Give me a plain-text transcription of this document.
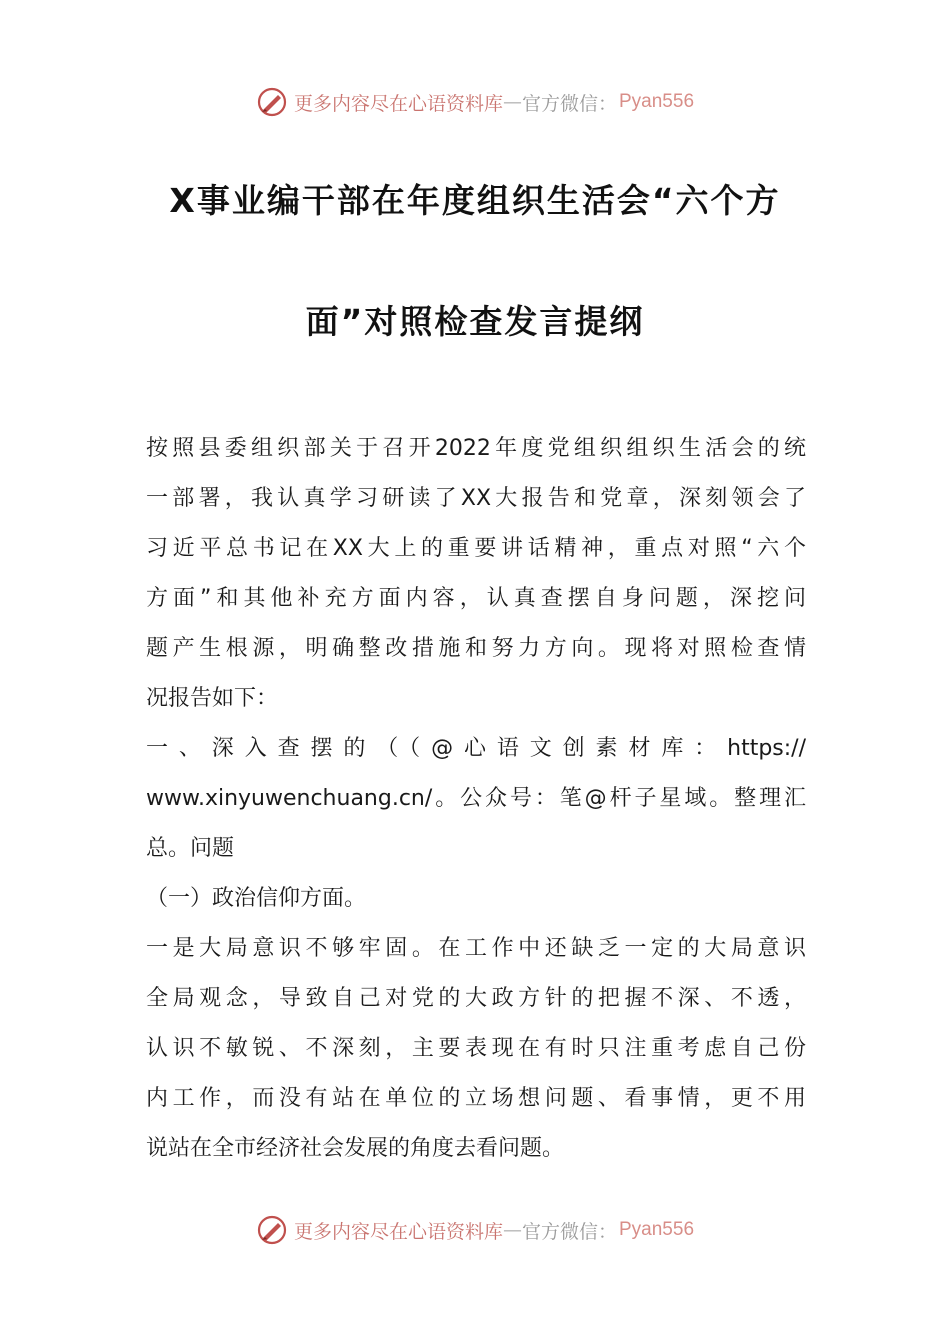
更多内容尽在心语资料库 — 官方微信： Pyan556
X事业编干部在年度组织生活会“六个方
面”对照检查发言提纲
按照县委组织部关于召开2022年度党组织组织生活会的统
一部署，我认真学习研读了XX大报告和党章，深刻领会了
习近平总书记在XX大上的重要讲话精神，重点对照“六个
方面”和其他补充方面内容，认真查摆自身问题，深挖问
题产生根源，明确整改措施和努力方向。现将对照检查情
况报告如下：
一、深入查摆的（（@心语文创素材库：https://
www.xinyuwenchuang.cn/。公众号：笔@杆子星域。整理汇
总。问题
（一）政治信仰方面。
一是大局意识不够牢固。在工作中还缺乏一定的大局意识
全局观念，导致自己对党的大政方针的把握不深、不透，
认识不敏锐、不深刻，主要表现在有时只注重考虑自己份
内工作，而没有站在单位的立场想问题、看事情，更不用
说站在全市经济社会发展的角度去看问题。
更多内容尽在心语资料库 — 官方微信： Pyan556
